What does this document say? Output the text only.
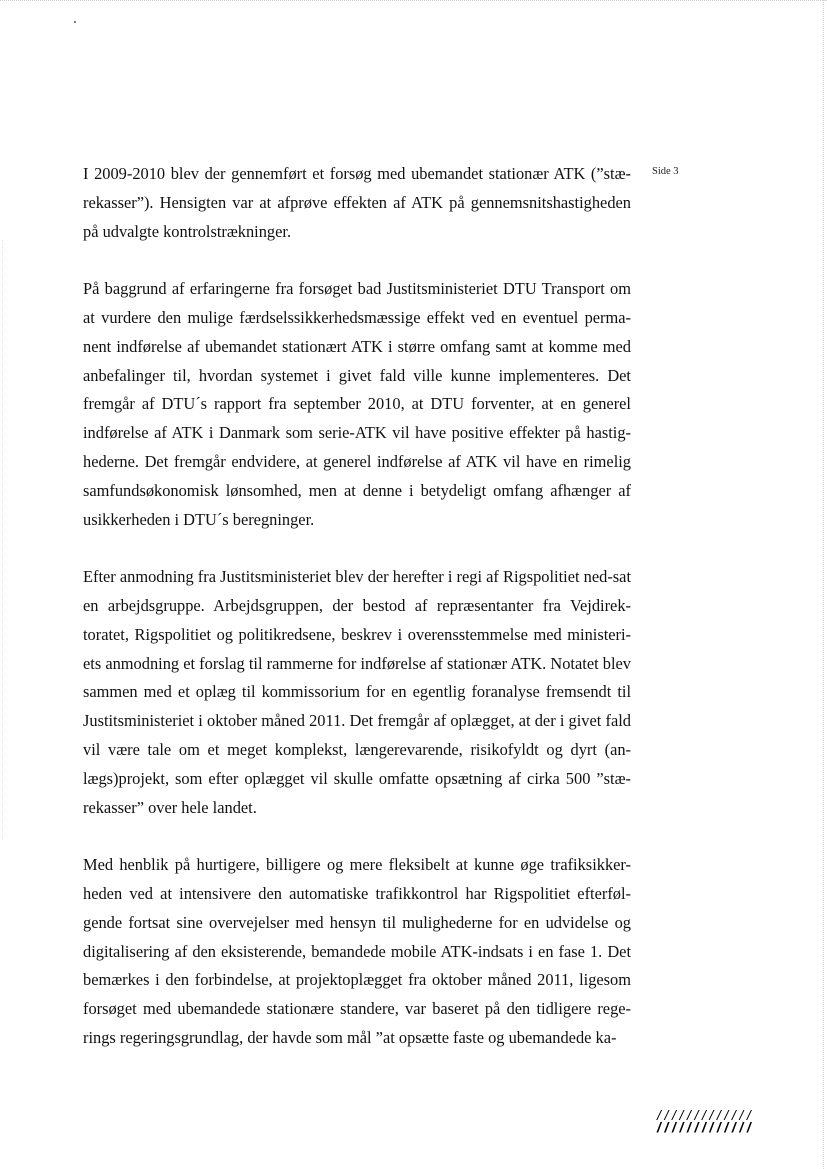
Side 3

I 2009-2010 blev der gennemført et forsøg med ubemandet stationær ATK (”stæ-rekasser”). Hensigten var at afprøve effekten af ATK på gennemsnitshastigheden på udvalgte kontrolstrækninger.

På baggrund af erfaringerne fra forsøget bad Justitsministeriet DTU Transport om at vurdere den mulige færdselssikkerhedsmæssige effekt ved en eventuel perma-nent indførelse af ubemandet stationært ATK i større omfang samt at komme med anbefalinger til, hvordan systemet i givet fald ville kunne implementeres. Det fremgår af DTU´s rapport fra september 2010, at DTU forventer, at en generel indførelse af ATK i Danmark som serie-ATK vil have positive effekter på hastig-hederne. Det fremgår endvidere, at generel indførelse af ATK vil have en rimelig samfundsøkonomisk lønsomhed, men at denne i betydeligt omfang afhænger af usikkerheden i DTU´s beregninger.

Efter anmodning fra Justitsministeriet blev der herefter i regi af Rigspolitiet ned-sat en arbejdsgruppe. Arbejdsgruppen, der bestod af repræsentanter fra Vejdirek-toratet, Rigspolitiet og politikredsene, beskrev i overensstemmelse med ministeri-ets anmodning et forslag til rammerne for indførelse af stationær ATK. Notatet blev sammen med et oplæg til kommissorium for en egentlig foranalyse fremsendt til Justitsministeriet i oktober måned 2011. Det fremgår af oplægget, at der i givet fald vil være tale om et meget komplekst, længerevarende, risikofyldt og dyrt (an-lægs)projekt, som efter oplægget vil skulle omfatte opsætning af cirka 500 ”stæ-rekasser” over hele landet.

Med henblik på hurtigere, billigere og mere fleksibelt at kunne øge trafiksikker-heden ved at intensivere den automatiske trafikkontrol har Rigspolitiet efterføl-gende fortsat sine overvejelser med hensyn til mulighederne for en udvidelse og digitalisering af den eksisterende, bemandede mobile ATK-indsats i en fase 1. Det bemærkes i den forbindelse, at projektoplægget fra oktober måned 2011, ligesom forsøget med ubemandede stationære standere, var baseret på den tidligere rege-rings regeringsgrundlag, der havde som mål ”at opsætte faste og ubemandede ka-

/////////////
/////////////
